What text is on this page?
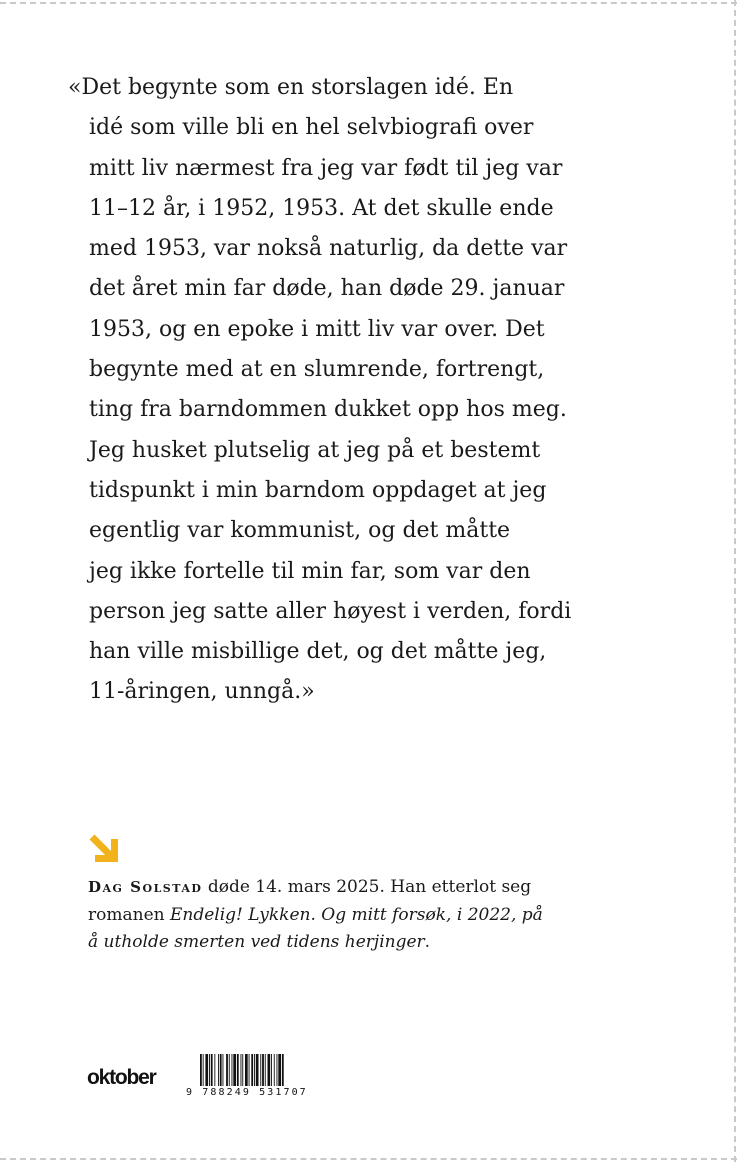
«Det begynte som en storslagen idé. En
idé som ville bli en hel selvbiografi over
mitt liv nærmest fra jeg var født til jeg var
11–12 år, i 1952, 1953. At det skulle ende
med 1953, var nokså naturlig, da dette var
det året min far døde, han døde 29. januar
1953, og en epoke i mitt liv var over. Det
begynte med at en slumrende, fortrengt,
ting fra barndommen dukket opp hos meg.
Jeg husket plutselig at jeg på et bestemt
tidspunkt i min barndom oppdaget at jeg
egentlig var kommunist, og det måtte
jeg ikke fortelle til min far, som var den
person jeg satte aller høyest i verden, fordi
han ville misbillige det, og det måtte jeg,
11-åringen, unngå.»
Dag Solstad døde 14. mars 2025. Han etterlot seg
romanen Endelig! Lykken. Og mitt forsøk, i 2022, på
å utholde smerten ved tidens herjinger.
oktober
9 788249 531707
